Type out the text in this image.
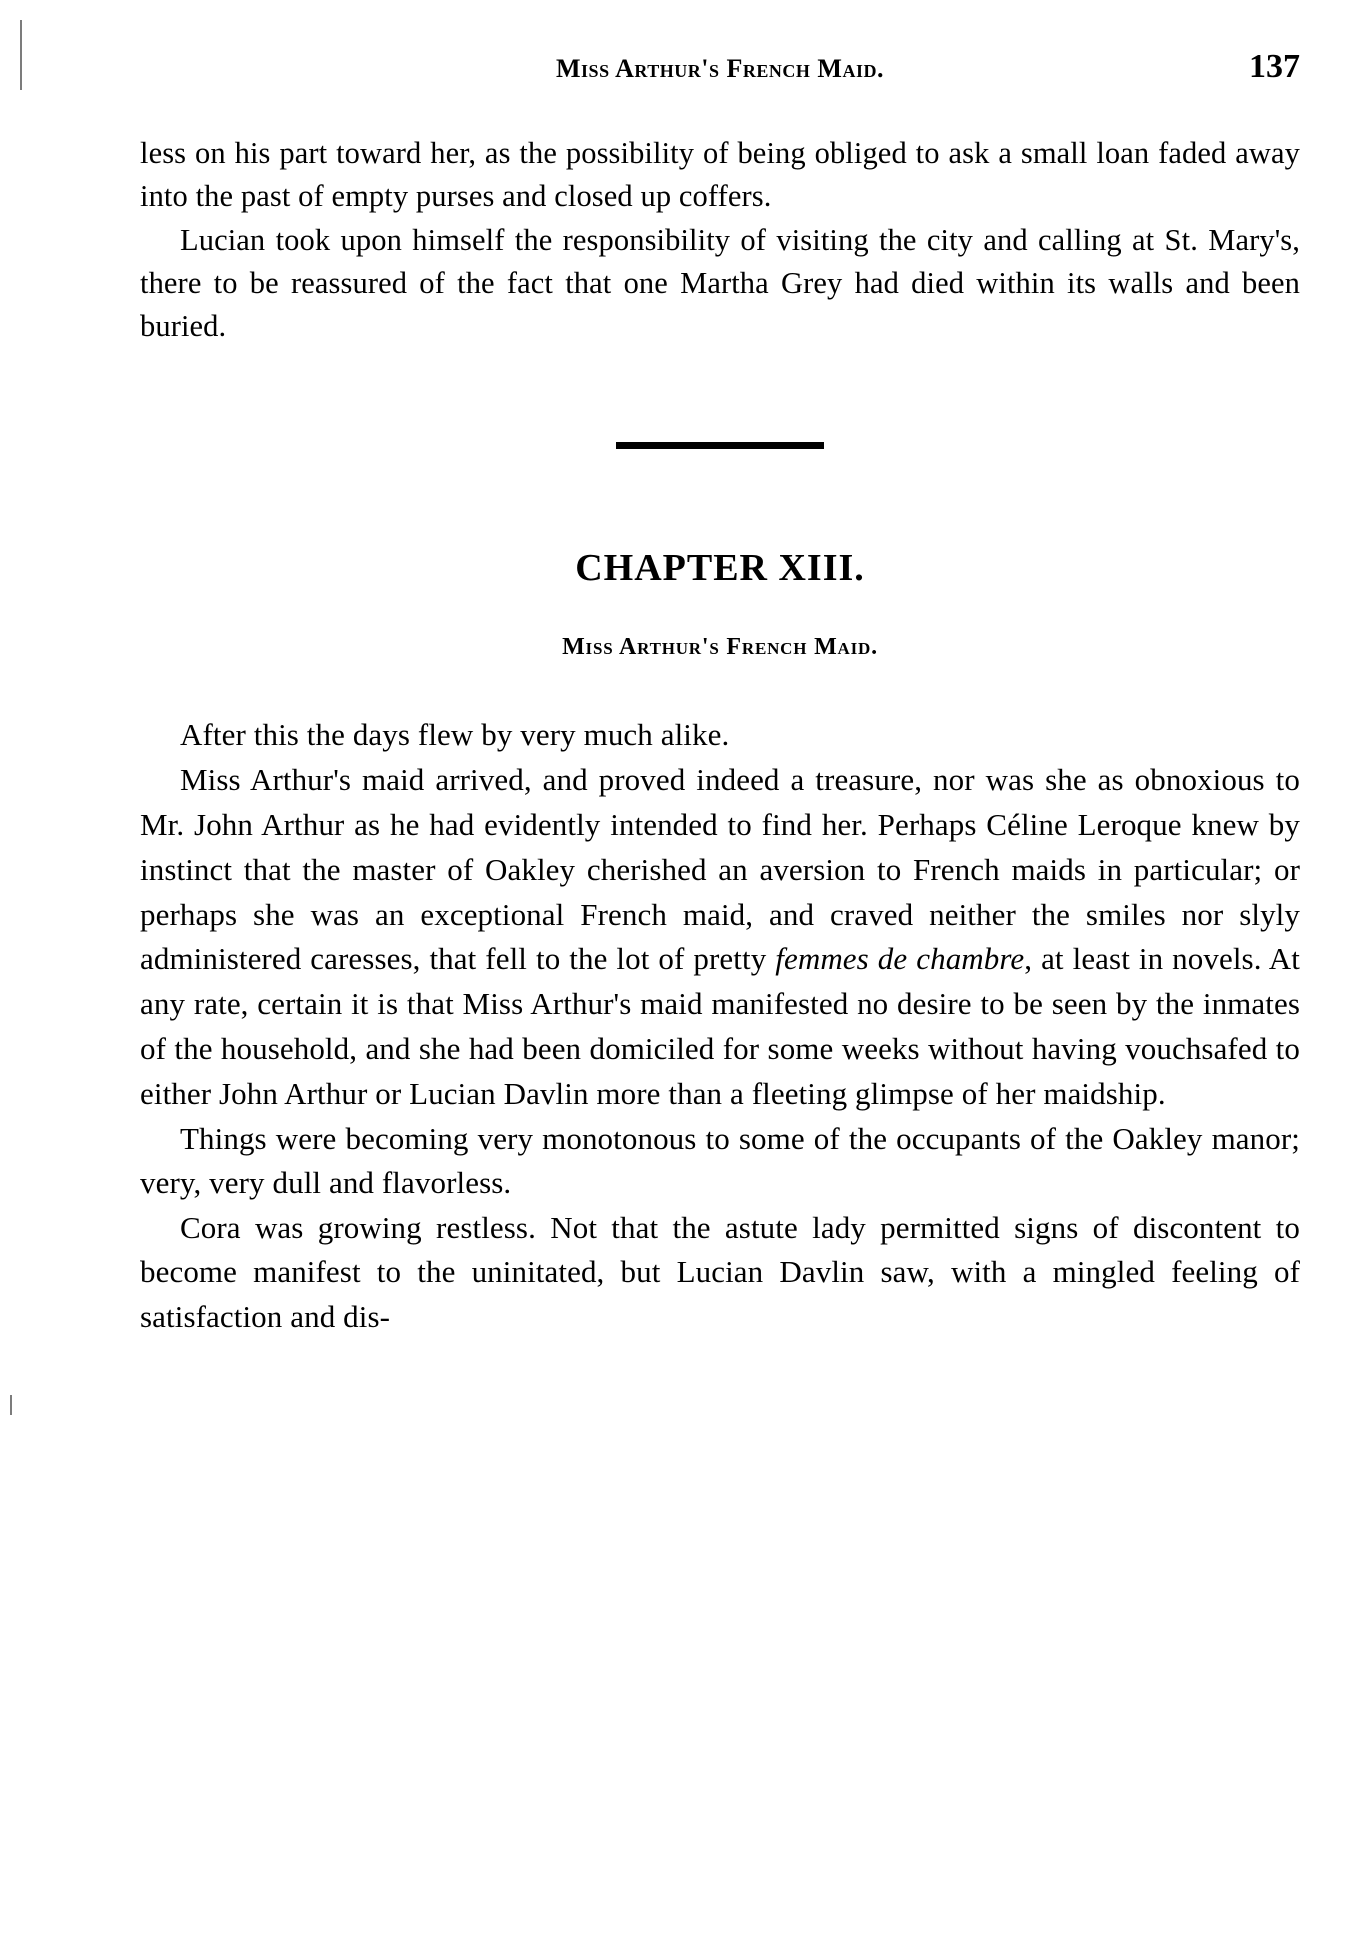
Miss Arthur's French Maid.	137

less on his part toward her, as the possibility of being obliged to ask a small loan faded away into the past of empty purses and closed up coffers.

Lucian took upon himself the responsibility of visiting the city and calling at St. Mary's, there to be reassured of the fact that one Martha Grey had died within its walls and been buried.

CHAPTER XIII.
Miss Arthur's French Maid.

After this the days flew by very much alike.

Miss Arthur's maid arrived, and proved indeed a treasure, nor was she as obnoxious to Mr. John Arthur as he had evidently intended to find her. Perhaps Céline Leroque knew by instinct that the master of Oakley cherished an aversion to French maids in particular; or perhaps she was an exceptional French maid, and craved neither the smiles nor slyly administered caresses, that fell to the lot of pretty femmes de chambre, at least in novels. At any rate, certain it is that Miss Arthur's maid manifested no desire to be seen by the inmates of the household, and she had been domiciled for some weeks without having vouchsafed to either John Arthur or Lucian Davlin more than a fleeting glimpse of her maidship.

Things were becoming very monotonous to some of the occupants of the Oakley manor; very, very dull and flavorless.

Cora was growing restless. Not that the astute lady permitted signs of discontent to become manifest to the uninitated, but Lucian Davlin saw, with a mingled feeling of satisfaction and dis-
